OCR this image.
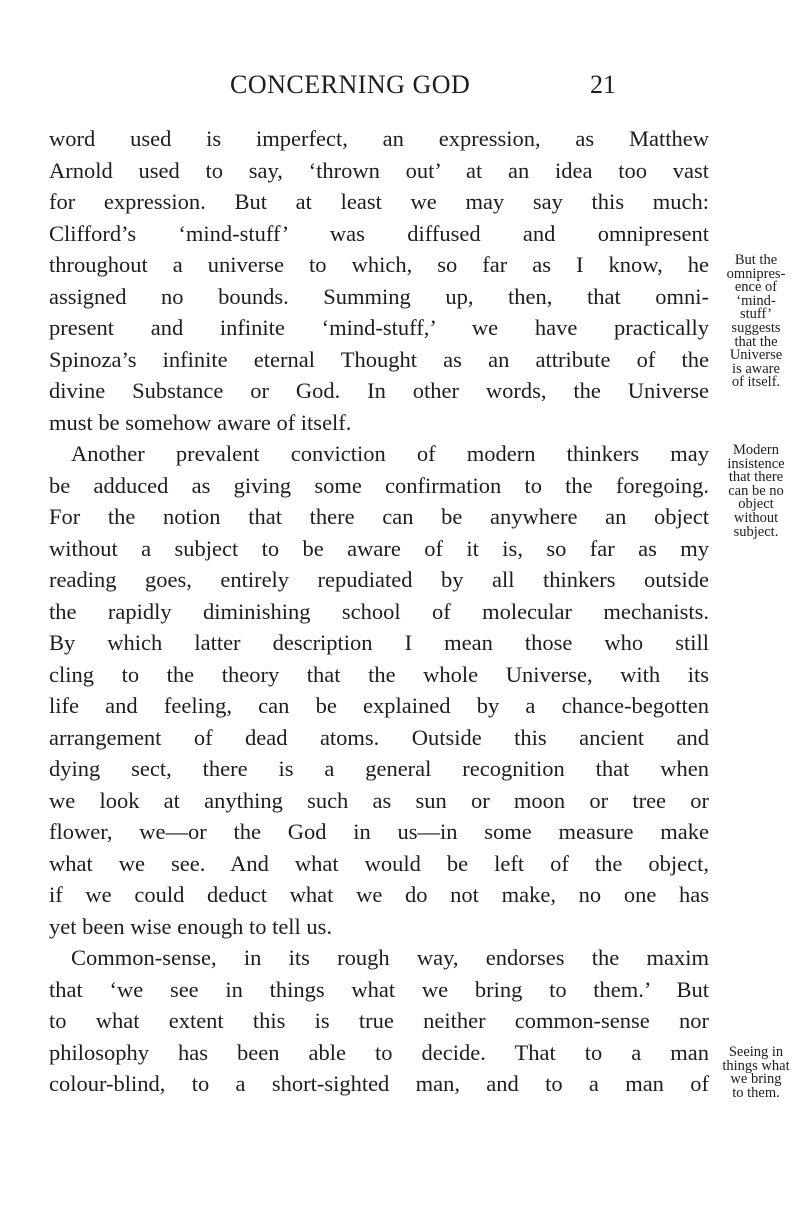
CONCERNING GOD	21
word used is imperfect, an expression, as Matthew
Arnold used to say, ‘thrown out’ at an idea too vast
for expression. But at least we may say this much:
Clifford’s ‘mind-stuff’ was diffused and omnipresent
throughout a universe to which, so far as I know, he
assigned no bounds. Summing up, then, that omni-
present and infinite ‘mind-stuff,’ we have practically
Spinoza’s infinite eternal Thought as an attribute of the
divine Substance or God. In other words, the Universe
must be somehow aware of itself.
Another prevalent conviction of modern thinkers may
be adduced as giving some confirmation to the foregoing.
For the notion that there can be anywhere an object
without a subject to be aware of it is, so far as my
reading goes, entirely repudiated by all thinkers outside
the rapidly diminishing school of molecular mechanists.
By which latter description I mean those who still
cling to the theory that the whole Universe, with its
life and feeling, can be explained by a chance-begotten
arrangement of dead atoms. Outside this ancient and
dying sect, there is a general recognition that when
we look at anything such as sun or moon or tree or
flower, we—or the God in us—in some measure make
what we see. And what would be left of the object,
if we could deduct what we do not make, no one has
yet been wise enough to tell us.
Common-sense, in its rough way, endorses the maxim
that ‘we see in things what we bring to them.’ But
to what extent this is true neither common-sense nor
philosophy has been able to decide. That to a man
colour-blind, to a short-sighted man, and to a man of

But the
omnipres-
ence of
‘mind-
stuff’
suggests
that the
Universe
is aware
of itself.

Modern
insistence
that there
can be no
object
without
subject.

Seeing in
things what
we bring
to them.
